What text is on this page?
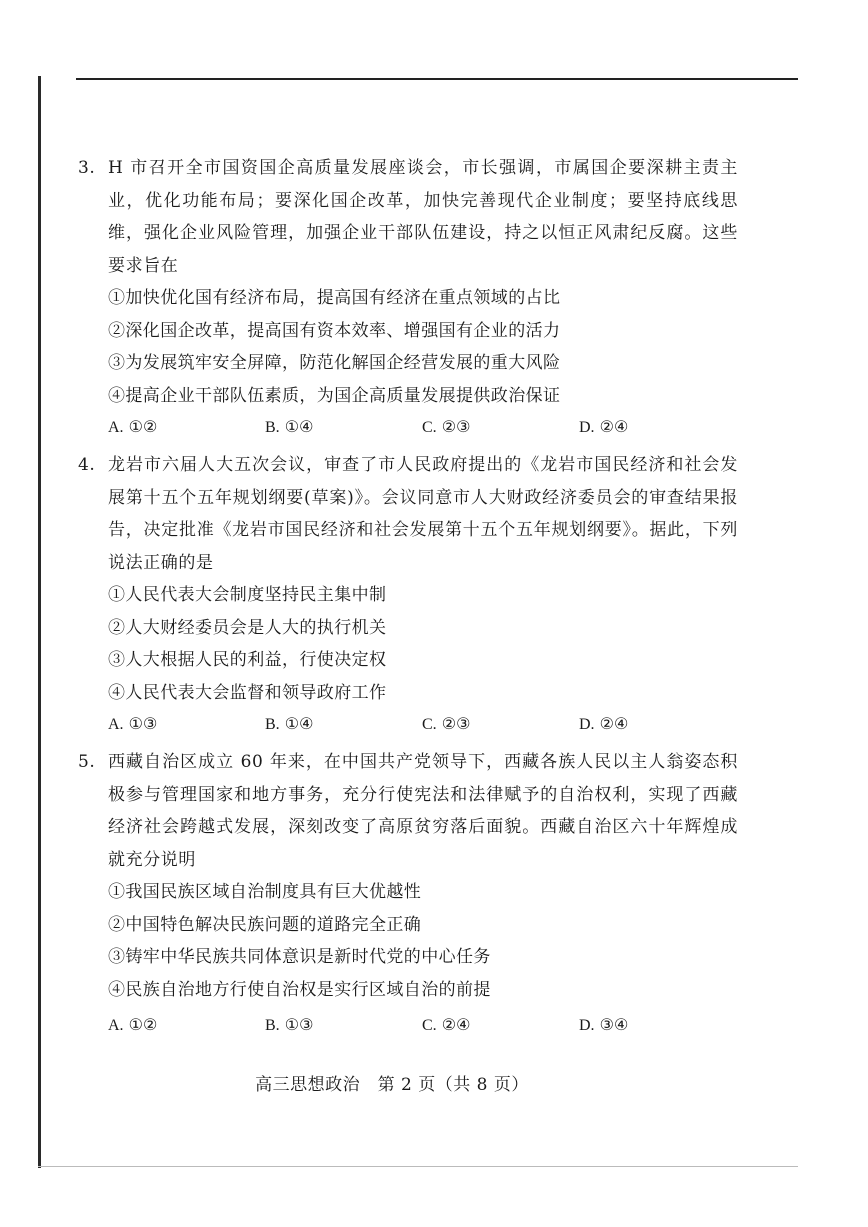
3. H 市召开全市国资国企高质量发展座谈会，市长强调，市属国企要深耕主责主业，优化功能布局；要深化国企改革，加快完善现代企业制度；要坚持底线思维，强化企业风险管理，加强企业干部队伍建设，持之以恒正风肃纪反腐。这些要求旨在
①加快优化国有经济布局，提高国有经济在重点领域的占比
②深化国企改革，提高国有资本效率、增强国有企业的活力
③为发展筑牢安全屏障，防范化解国企经营发展的重大风险
④提高企业干部队伍素质，为国企高质量发展提供政治保证
A. ①②	B. ①④	C. ②③	D. ②④
4. 龙岩市六届人大五次会议，审查了市人民政府提出的《龙岩市国民经济和社会发展第十五个五年规划纲要(草案)》。会议同意市人大财政经济委员会的审查结果报告，决定批准《龙岩市国民经济和社会发展第十五个五年规划纲要》。据此，下列说法正确的是
①人民代表大会制度坚持民主集中制
②人大财经委员会是人大的执行机关
③人大根据人民的利益，行使决定权
④人民代表大会监督和领导政府工作
A. ①③	B. ①④	C. ②③	D. ②④
5. 西藏自治区成立 60 年来，在中国共产党领导下，西藏各族人民以主人翁姿态积极参与管理国家和地方事务，充分行使宪法和法律赋予的自治权利，实现了西藏经济社会跨越式发展，深刻改变了高原贫穷落后面貌。西藏自治区六十年辉煌成就充分说明
①我国民族区域自治制度具有巨大优越性
②中国特色解决民族问题的道路完全正确
③铸牢中华民族共同体意识是新时代党的中心任务
④民族自治地方行使自治权是实行区域自治的前提
A. ①②	B. ①③	C. ②④	D. ③④
高三思想政治　第 2 页（共 8 页）
